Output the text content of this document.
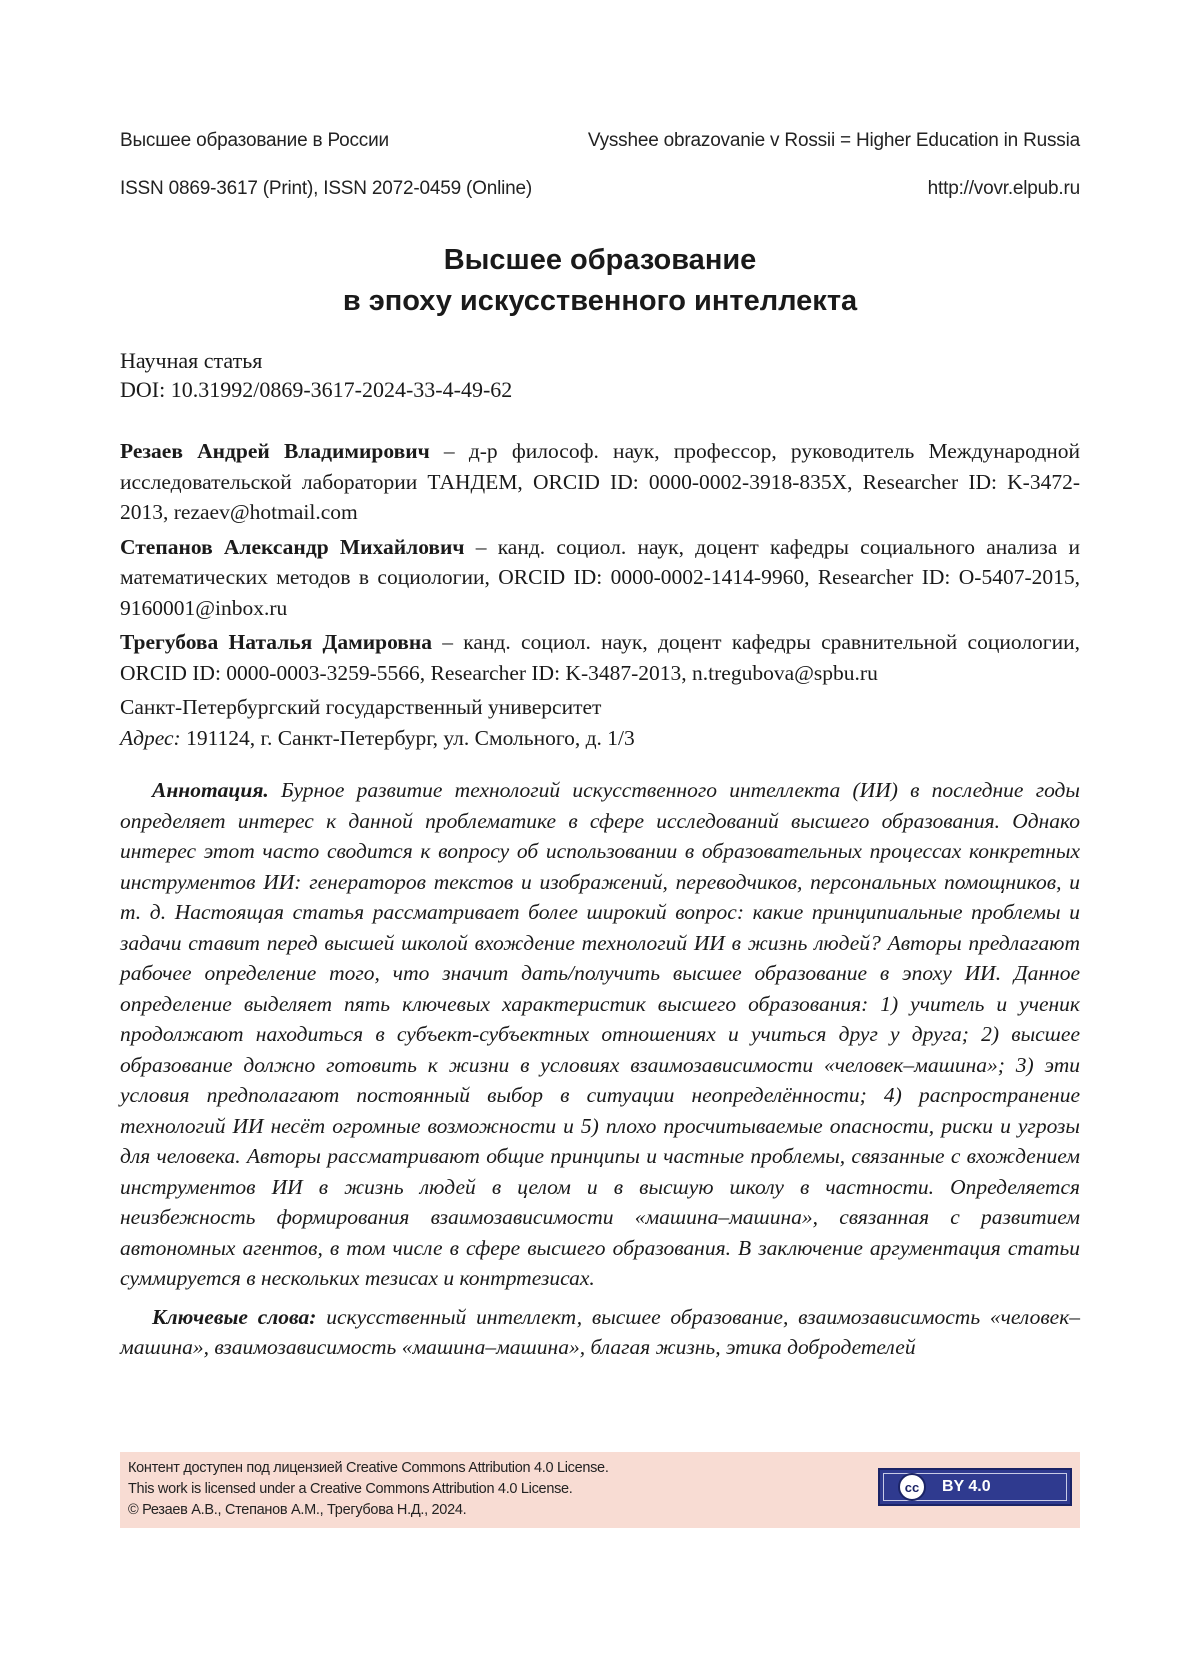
Высшее образование в России	Vysshee obrazovanie v Rossii = Higher Education in Russia
ISSN 0869-3617 (Print), ISSN 2072-0459 (Online)	http://vovr.elpub.ru
Высшее образование
в эпоху искусственного интеллекта
Научная статья
DOI: 10.31992/0869-3617-2024-33-4-49-62

Резаев Андрей Владимирович – д-р философ. наук, профессор, руководитель Международной исследовательской лаборатории ТАНДЕМ, ORCID ID: 0000-0002-3918-835X, Researcher ID: K-3472-2013, rezaev@hotmail.com

Степанов Александр Михайлович – канд. социол. наук, доцент кафедры социального анализа и математических методов в социологии, ORCID ID: 0000-0002-1414-9960, Researcher ID: O-5407-2015, 9160001@inbox.ru

Трегубова Наталья Дамировна – канд. социол. наук, доцент кафедры сравнительной социологии, ORCID ID: 0000-0003-3259-5566, Researcher ID: K-3487-2013, n.tregubova@spbu.ru

Санкт-Петербургский государственный университет
Адрес: 191124, г. Санкт-Петербург, ул. Смольного, д. 1/3

Аннотация. Бурное развитие технологий искусственного интеллекта (ИИ) в последние годы определяет интерес к данной проблематике в сфере исследований высшего образования. Однако интерес этот часто сводится к вопросу об использовании в образовательных процессах конкретных инструментов ИИ: генераторов текстов и изображений, переводчиков, персональных помощников, и т. д. Настоящая статья рассматривает более широкий вопрос: какие принципиальные проблемы и задачи ставит перед высшей школой вхождение технологий ИИ в жизнь людей? Авторы предлагают рабочее определение того, что значит дать/получить высшее образование в эпоху ИИ. Данное определение выделяет пять ключевых характеристик высшего образования: 1) учитель и ученик продолжают находиться в субъект-субъектных отношениях и учиться друг у друга; 2) высшее образование должно готовить к жизни в условиях взаимозависимости «человек–машина»; 3) эти условия предполагают постоянный выбор в ситуации неопределённости; 4) распространение технологий ИИ несёт огромные возможности и 5) плохо просчитываемые опасности, риски и угрозы для человека. Авторы рассматривают общие принципы и частные проблемы, связанные с вхождением инструментов ИИ в жизнь людей в целом и в высшую школу в частности. Определяется неизбежность формирования взаимозависимости «машина–машина», связанная с развитием автономных агентов, в том числе в сфере высшего образования. В заключение аргументация статьи суммируется в нескольких тезисах и контртезисах.

Ключевые слова: искусственный интеллект, высшее образование, взаимозависимость «человек–машина», взаимозависимость «машина–машина», благая жизнь, этика добродетелей

Контент доступен под лицензией Creative Commons Attribution 4.0 License.
This work is licensed under a Creative Commons Attribution 4.0 License.
© Резаев А.В., Степанов А.М., Трегубова Н.Д., 2024.
cc	BY 4.0
